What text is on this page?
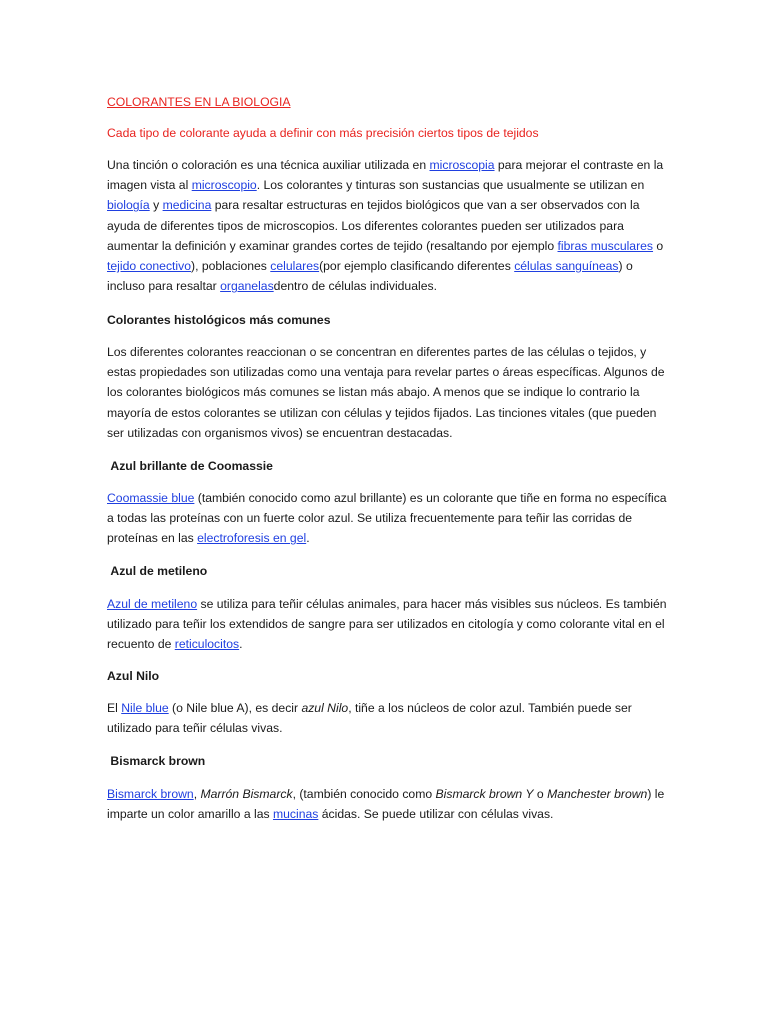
COLORANTES EN LA BIOLOGIA

Cada tipo de colorante ayuda a definir con más precisión ciertos tipos de tejidos

Una tinción o coloración es una técnica auxiliar utilizada en microscopia para mejorar el contraste en la imagen vista al microscopio. Los colorantes y tinturas son sustancias que usualmente se utilizan en biología y medicina para resaltar estructuras en tejidos biológicos que van a ser observados con la ayuda de diferentes tipos de microscopios. Los diferentes colorantes pueden ser utilizados para aumentar la definición y examinar grandes cortes de tejido (resaltando por ejemplo fibras musculares o tejido conectivo), poblaciones celulares(por ejemplo clasificando diferentes células sanguíneas) o incluso para resaltar organelasdentro de células individuales.

Colorantes histológicos más comunes

Los diferentes colorantes reaccionan o se concentran en diferentes partes de las células o tejidos, y estas propiedades son utilizadas como una ventaja para revelar partes o áreas específicas. Algunos de los colorantes biológicos más comunes se listan más abajo. A menos que se indique lo contrario la mayoría de estos colorantes se utilizan con células y tejidos fijados. Las tinciones vitales (que pueden ser utilizadas con organismos vivos) se encuentran destacadas.

Azul brillante de Coomassie

Coomassie blue (también conocido como azul brillante) es un colorante que tiñe en forma no específica a todas las proteínas con un fuerte color azul. Se utiliza frecuentemente para teñir las corridas de proteínas en las electroforesis en gel.

Azul de metileno

Azul de metileno se utiliza para teñir células animales, para hacer más visibles sus núcleos. Es también utilizado para teñir los extendidos de sangre para ser utilizados en citología y como colorante vital en el recuento de reticulocitos.

Azul Nilo

El Nile blue (o Nile blue A), es decir azul Nilo, tiñe a los núcleos de color azul. También puede ser utilizado para teñir células vivas.

Bismarck brown

Bismarck brown, Marrón Bismarck, (también conocido como Bismarck brown Y o Manchester brown) le imparte un color amarillo a las mucinas ácidas. Se puede utilizar con células vivas.
